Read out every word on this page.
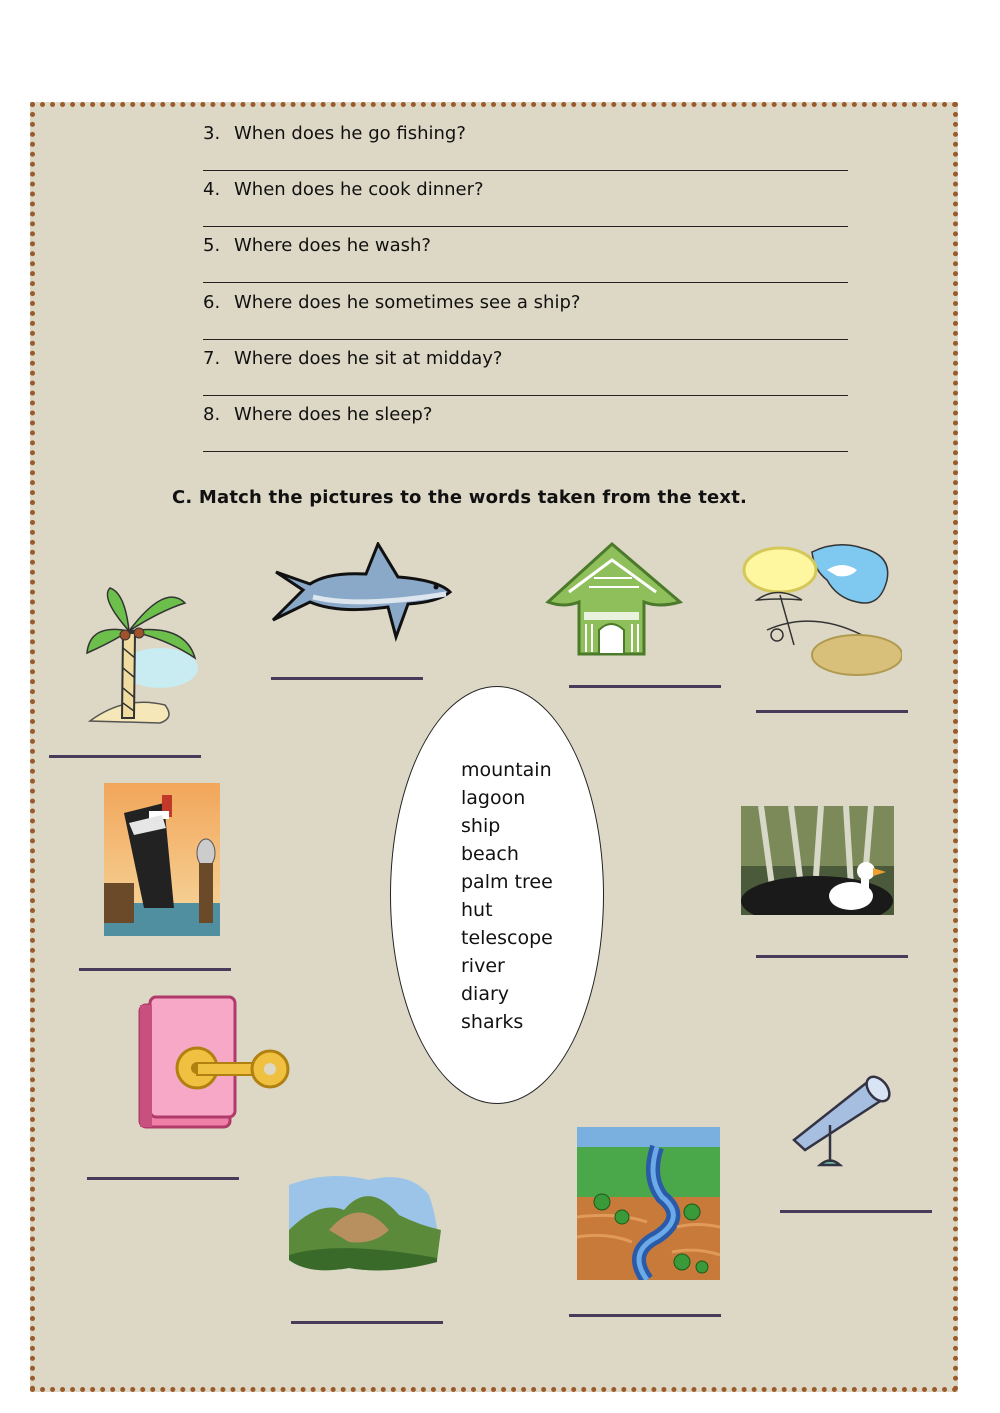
3. When does he go fishing?
4. When does he cook dinner?
5. Where does he wash?
6. Where does he sometimes see a ship?
7. Where does he sit at midday?
8. Where does he sleep?
C. Match the pictures to the words taken from the text.
mountain
lagoon
ship
beach
palm tree
hut
telescope
river
diary
sharks
